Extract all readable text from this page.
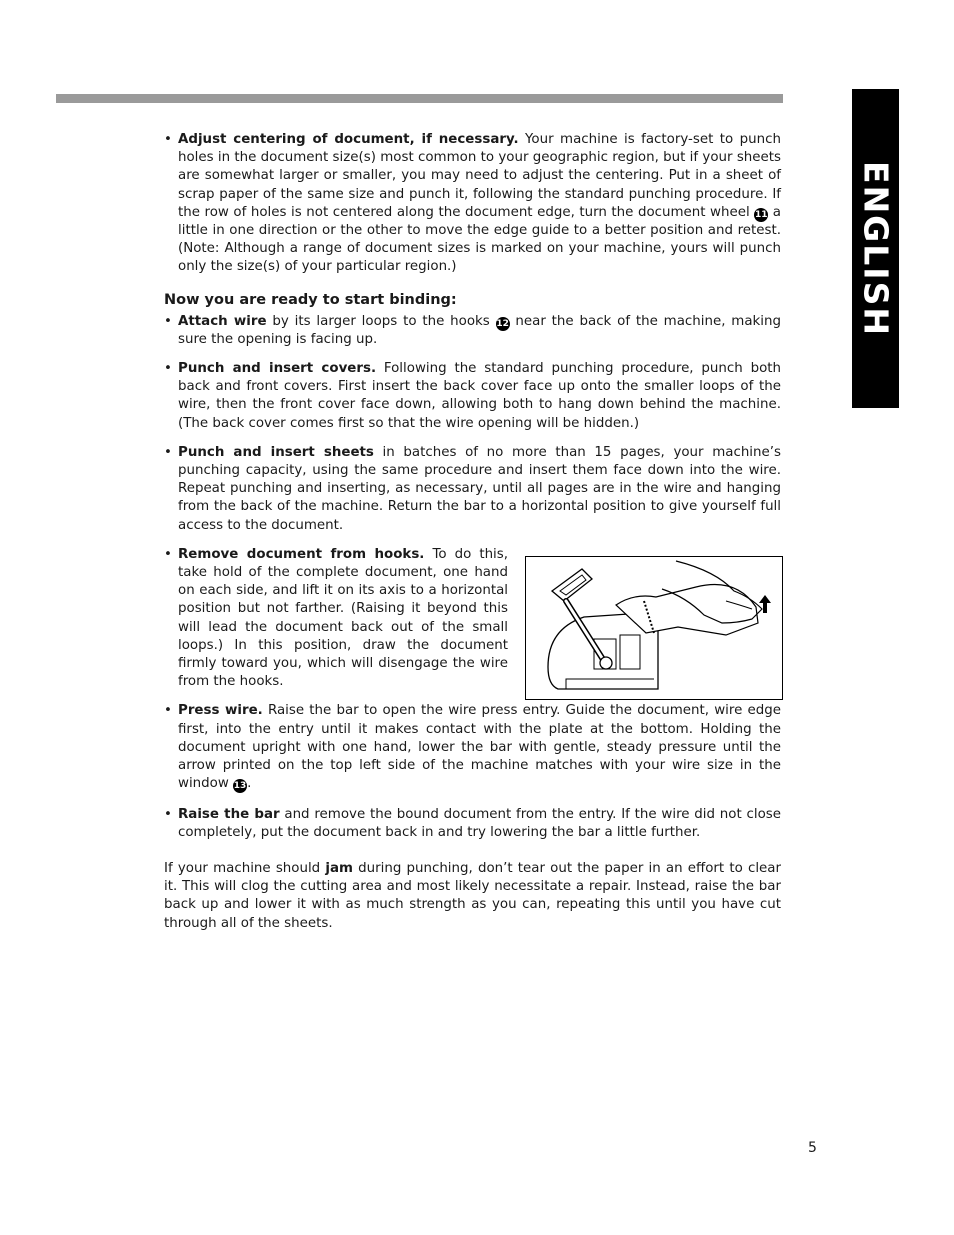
ENGLISH

• Adjust centering of document, if necessary. Your machine is factory-set to punch holes in the document size(s) most common to your geographic region, but if your sheets are somewhat larger or smaller, you may need to adjust the centering. Put in a sheet of scrap paper of the same size and punch it, following the standard punching procedure. If the row of holes is not centered along the document edge, turn the document wheel 11 a little in one direction or the other to move the edge guide to a better position and retest. (Note: Although a range of document sizes is marked on your machine, yours will punch only the size(s) of your particular region.)

Now you are ready to start binding:

• Attach wire by its larger loops to the hooks 12 near the back of the machine, making sure the opening is facing up.

• Punch and insert covers. Following the standard punching procedure, punch both back and front covers. First insert the back cover face up onto the smaller loops of the wire, then the front cover face down, allowing both to hang down behind the machine. (The back cover comes first so that the wire opening will be hidden.)

• Punch and insert sheets in batches of no more than 15 pages, your machine’s punching capacity, using the same procedure and insert them face down into the wire. Repeat punching and inserting, as necessary, until all pages are in the wire and hanging from the back of the machine. Return the bar to a horizontal position to give yourself full access to the document.

• Remove document from hooks. To do this, take hold of the complete document, one hand on each side, and lift it on its axis to a horizontal position but not farther. (Raising it beyond this will lead the document back out of the small loops.) In this position, draw the document firmly toward you, which will disengage the wire from the hooks.

• Press wire. Raise the bar to open the wire press entry. Guide the document, wire edge first, into the entry until it makes contact with the plate at the bottom. Holding the document upright with one hand, lower the bar with gentle, steady pressure until the arrow printed on the top left side of the machine matches with your wire size in the window 13.

• Raise the bar and remove the bound document from the entry. If the wire did not close completely, put the document back in and try lowering the bar a little further.

If your machine should jam during punching, don’t tear out the paper in an effort to clear it. This will clog the cutting area and most likely necessitate a repair. Instead, raise the bar back up and lower it with as much strength as you can, repeating this until you have cut through all of the sheets.

5
